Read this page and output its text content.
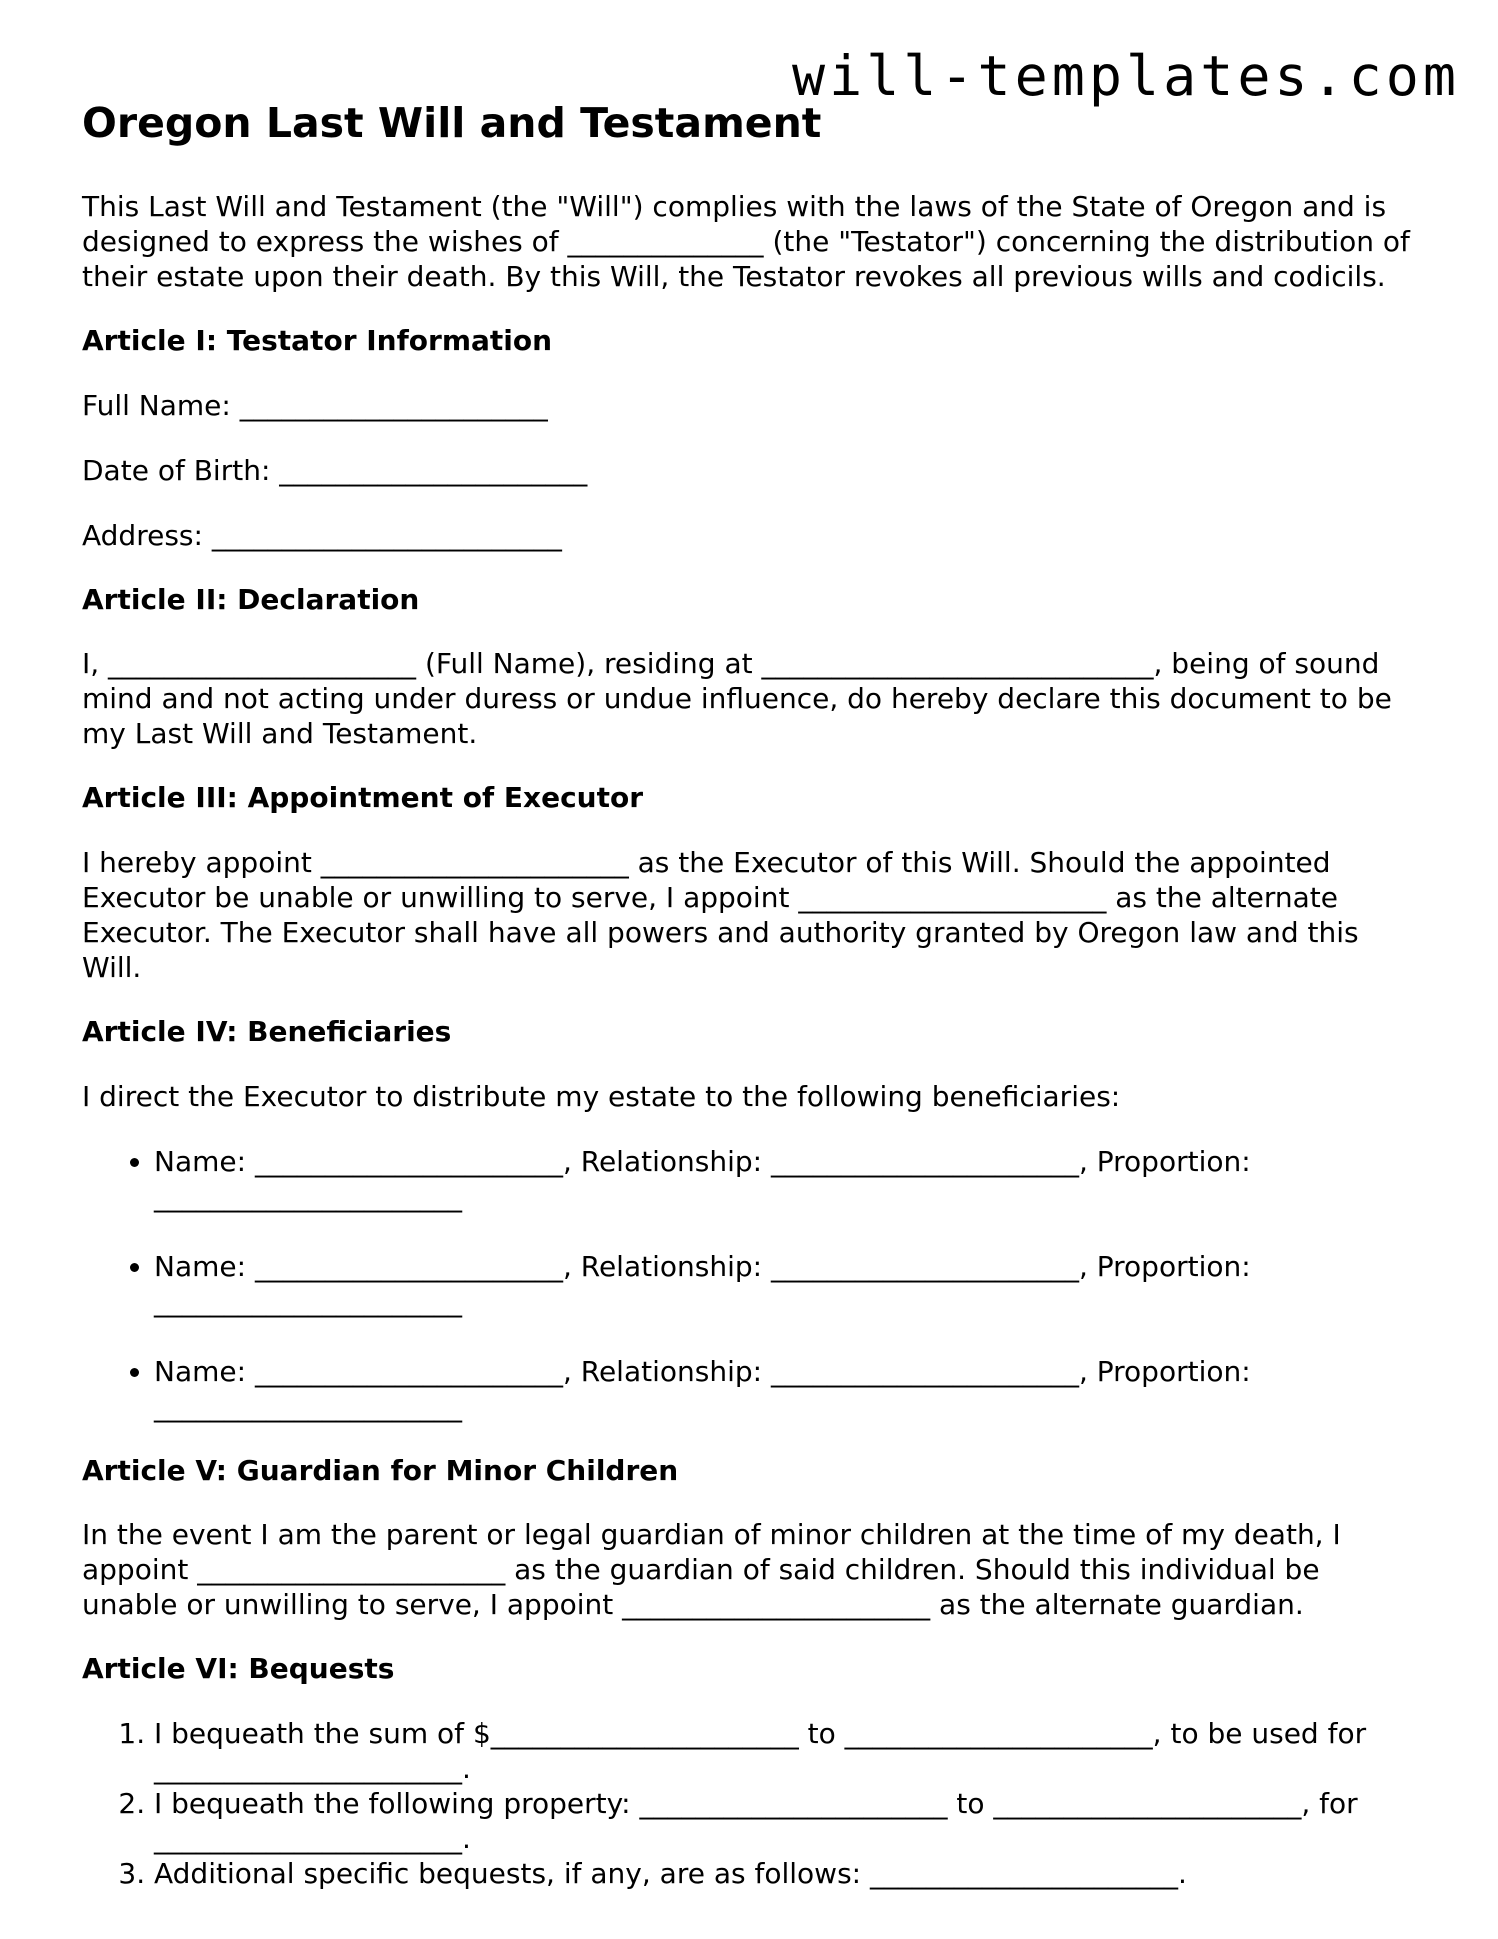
will-templates.com
Oregon Last Will and Testament

This Last Will and Testament (the "Will") complies with the laws of the State of Oregon and is designed to express the wishes of ______________ (the "Testator") concerning the distribution of their estate upon their death. By this Will, the Testator revokes all previous wills and codicils.

Article I: Testator Information

Full Name: ______________________

Date of Birth: ______________________

Address: _________________________

Article II: Declaration

I, ______________________ (Full Name), residing at ____________________________, being of sound mind and not acting under duress or undue influence, do hereby declare this document to be my Last Will and Testament.

Article III: Appointment of Executor

I hereby appoint ______________________ as the Executor of this Will. Should the appointed Executor be unable or unwilling to serve, I appoint ______________________ as the alternate Executor. The Executor shall have all powers and authority granted by Oregon law and this Will.

Article IV: Beneficiaries

I direct the Executor to distribute my estate to the following beneficiaries:

• Name: ______________________, Relationship: ______________________, Proportion: ______________________
• Name: ______________________, Relationship: ______________________, Proportion: ______________________
• Name: ______________________, Relationship: ______________________, Proportion: ______________________
Article V: Guardian for Minor Children

In the event I am the parent or legal guardian of minor children at the time of my death, I appoint ______________________ as the guardian of said children. Should this individual be unable or unwilling to serve, I appoint ______________________ as the alternate guardian.

Article VI: Bequests
1. I bequeath the sum of $______________________ to ______________________, to be used for ______________________.
2. I bequeath the following property: ______________________ to ______________________, for ______________________.
3. Additional specific bequests, if any, are as follows: ______________________.
